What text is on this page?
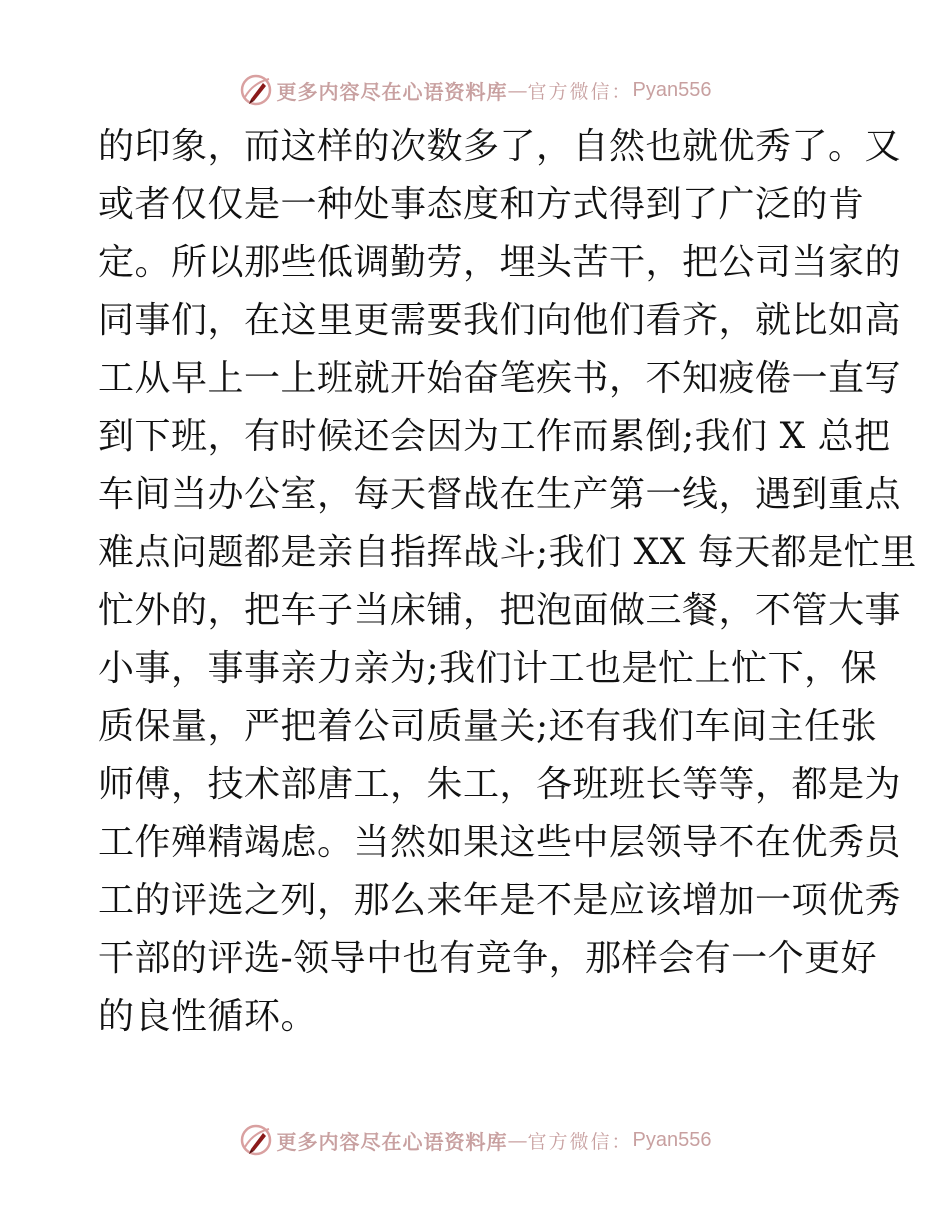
更多内容尽在心语资料库 — 官方微信： Pyan556
的印象，而这样的次数多了，自然也就优秀了。又
或者仅仅是一种处事态度和方式得到了广泛的肯
定。所以那些低调勤劳，埋头苦干，把公司当家的
同事们，在这里更需要我们向他们看齐，就比如高
工从早上一上班就开始奋笔疾书，不知疲倦一直写
到下班，有时候还会因为工作而累倒;我们 X 总把
车间当办公室，每天督战在生产第一线，遇到重点
难点问题都是亲自指挥战斗;我们 XX 每天都是忙里
忙外的，把车子当床铺，把泡面做三餐，不管大事
小事，事事亲力亲为;我们计工也是忙上忙下，保
质保量，严把着公司质量关;还有我们车间主任张
师傅，技术部唐工，朱工，各班班长等等，都是为
工作殚精竭虑。当然如果这些中层领导不在优秀员
工的评选之列，那么来年是不是应该增加一项优秀
干部的评选-领导中也有竞争，那样会有一个更好
的良性循环。
更多内容尽在心语资料库 — 官方微信： Pyan556
